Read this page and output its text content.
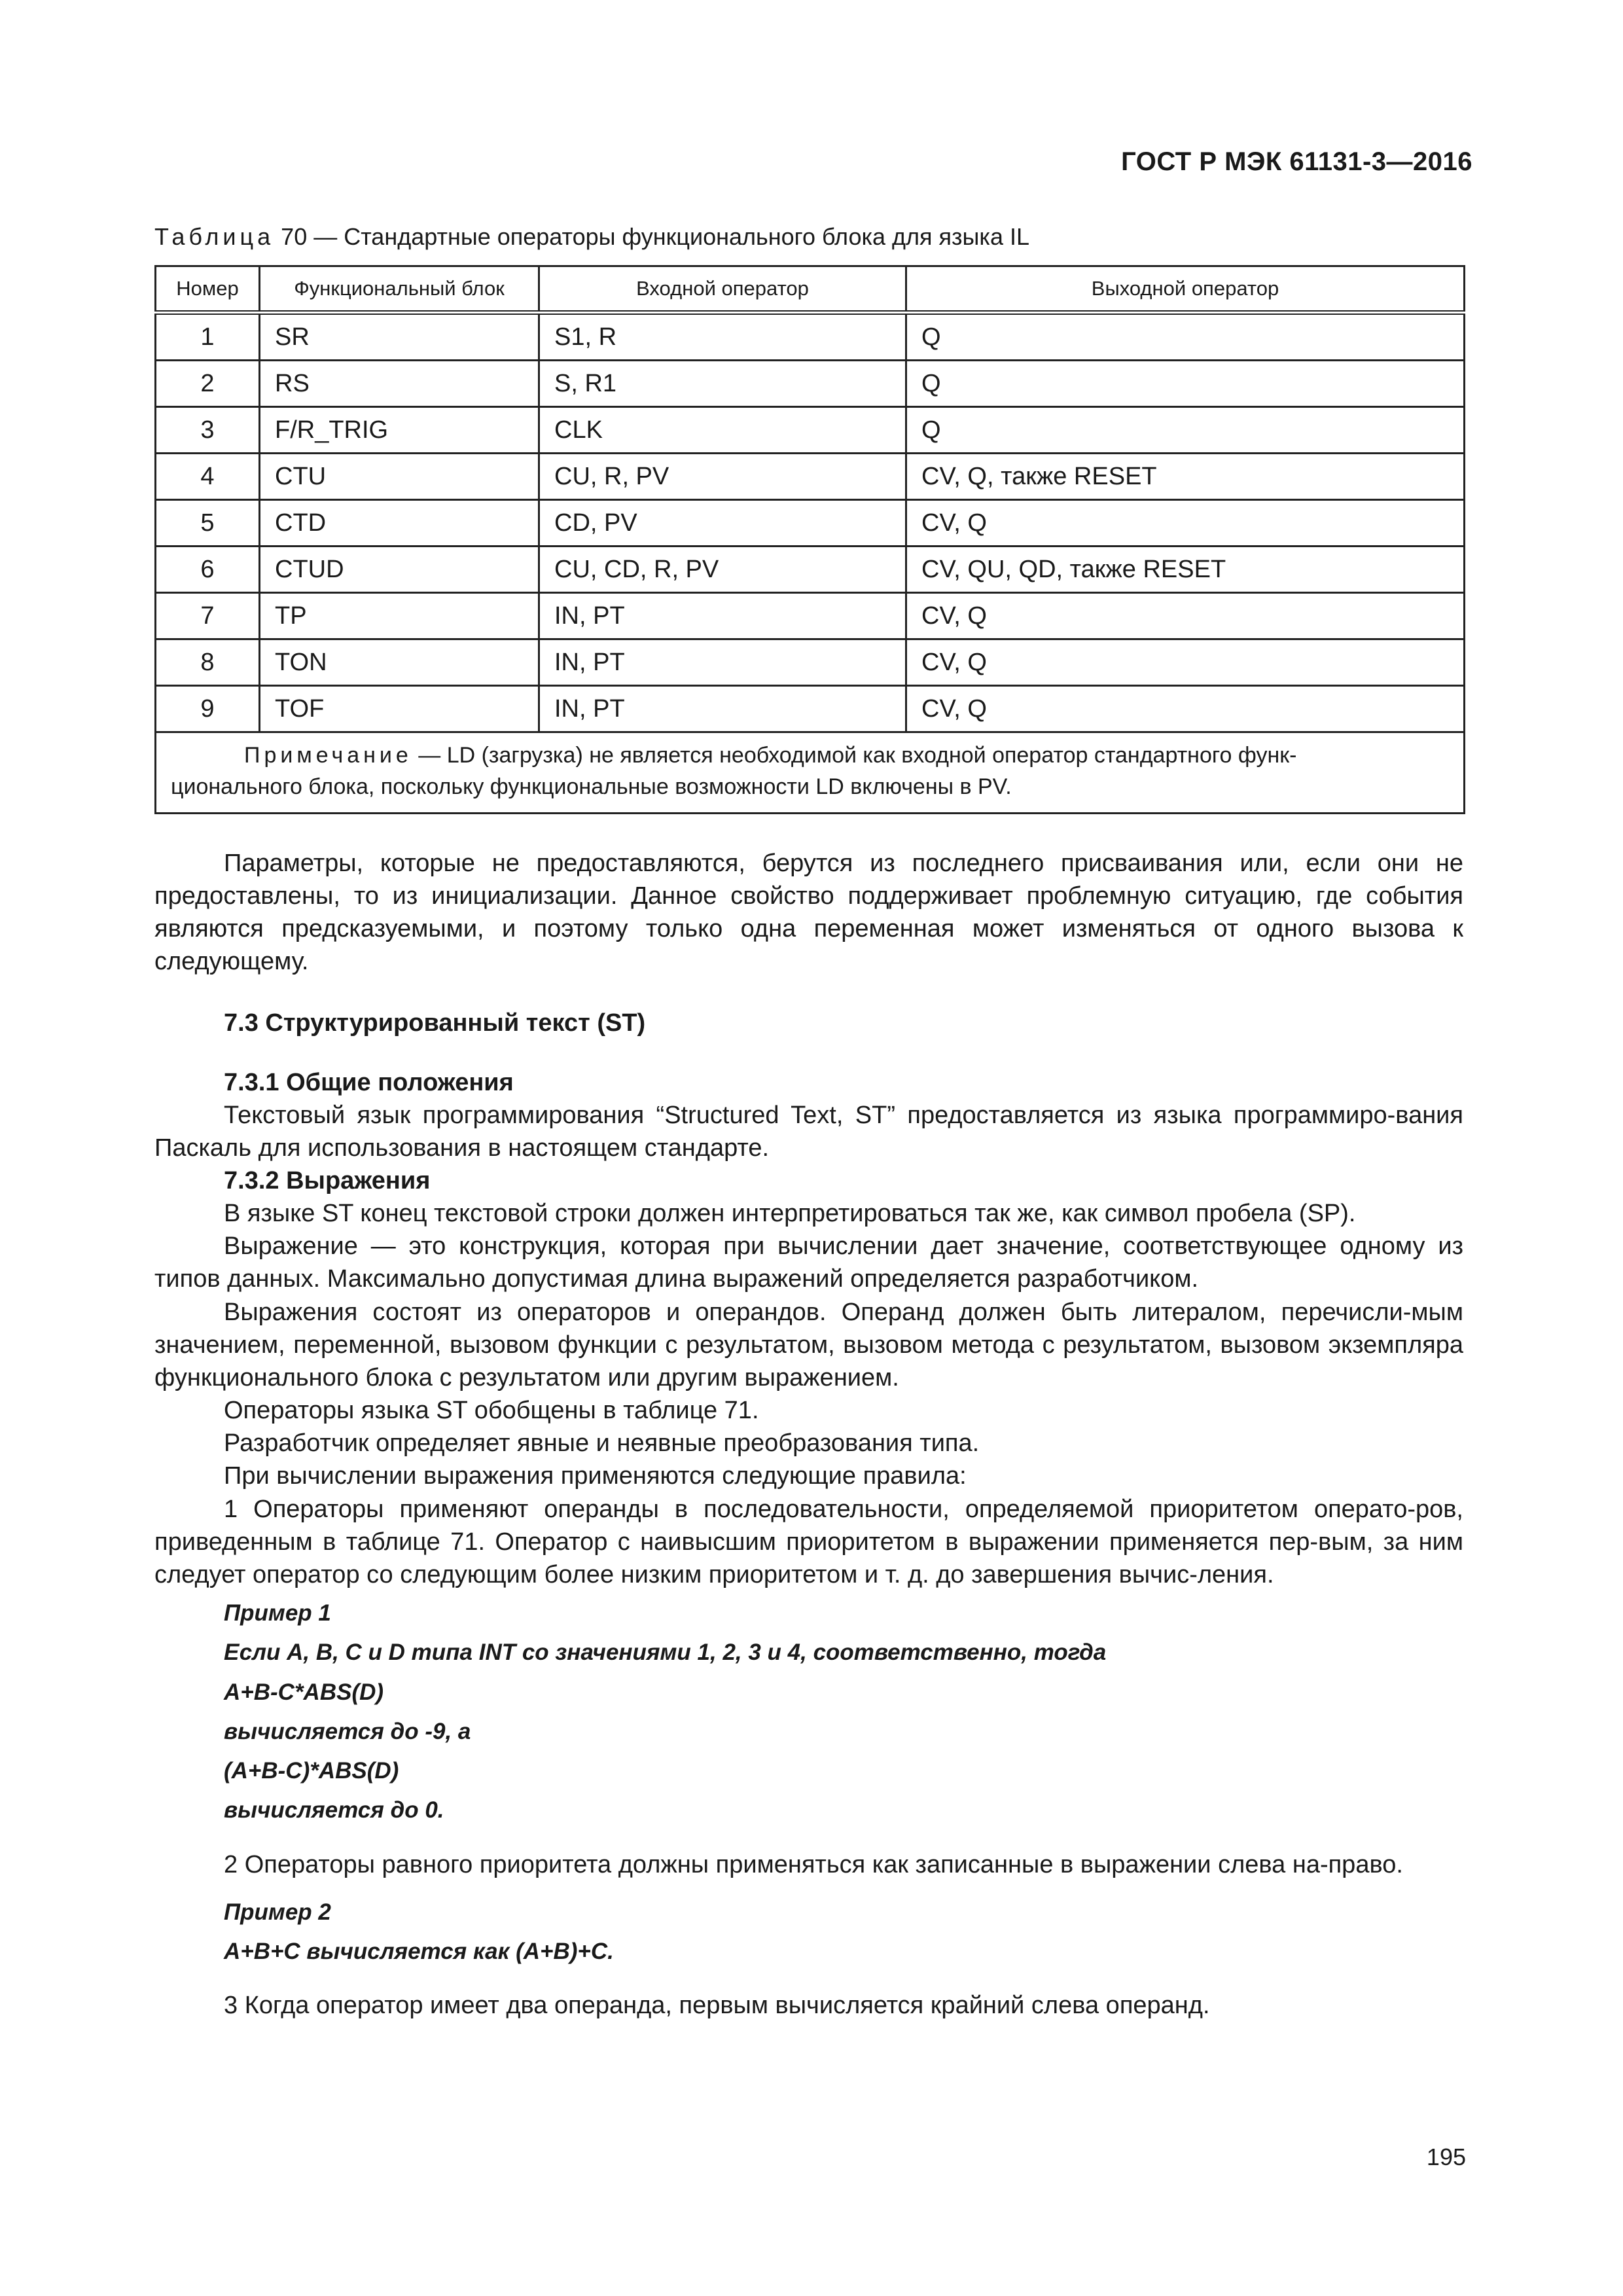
ГОСТ Р МЭК 61131-3—2016
Таблица 70 — Стандартные операторы функционального блока для языка IL
Номер	Функциональный блок	Входной оператор	Выходной оператор
1	SR	S1, R	Q
2	RS	S, R1	Q
3	F/R_TRIG	CLK	Q
4	CTU	CU, R, PV	CV, Q, также RESET
5	CTD	CD, PV	CV, Q
6	CTUD	CU, CD, R, PV	CV, QU, QD, также RESET
7	TP	IN, PT	CV, Q
8	TON	IN, PT	CV, Q
9	TOF	IN, PT	CV, Q

Примечание — LD (загрузка) не является необходимой как входной оператор стандартного функ-
ционального блока, поскольку функциональные возможности LD включены в PV.			

Параметры, которые не предоставляются, берутся из последнего присваивания или, если они не предоставлены, то из инициализации. Данное свойство поддерживает проблемную ситуацию, где события являются предсказуемыми, и поэтому только одна переменная может изменяться от одного вызова к следующему.

7.3 Структурированный текст (ST)
7.3.1 Общие положения

Текстовый язык программирования “Structured Text, ST” предоставляется из языка программиро-вания Паскаль для использования в настоящем стандарте.

7.3.2 Выражения

В языке ST конец текстовой строки должен интерпретироваться так же, как символ пробела (SP).

Выражение — это конструкция, которая при вычислении дает значение, соответствующее одному из типов данных. Максимально допустимая длина выражений определяется разработчиком.

Выражения состоят из операторов и операндов. Операнд должен быть литералом, перечисли-мым значением, переменной, вызовом функции с результатом, вызовом метода с результатом, вызовом экземпляра функционального блока с результатом или другим выражением.

Операторы языка ST обобщены в таблице 71.

Разработчик определяет явные и неявные преобразования типа.

При вычислении выражения применяются следующие правила:

1 Операторы применяют операнды в последовательности, определяемой приоритетом операто-ров, приведенным в таблице 71. Оператор с наивысшим приоритетом в выражении применяется пер-вым, за ним следует оператор со следующим более низким приоритетом и т. д. до завершения вычис-ления.

Пример 1
Если A, B, C и D типа INT со значениями 1, 2, 3 и 4, соответственно, тогда
A+B-C*ABS(D)
вычисляется до -9, а
(A+B-C)*ABS(D)
вычисляется до 0.

2 Операторы равного приоритета должны применяться как записанные в выражении слева на-право.

Пример 2
A+B+C вычисляется как (A+B)+C.

3 Когда оператор имеет два операнда, первым вычисляется крайний слева операнд.

195
